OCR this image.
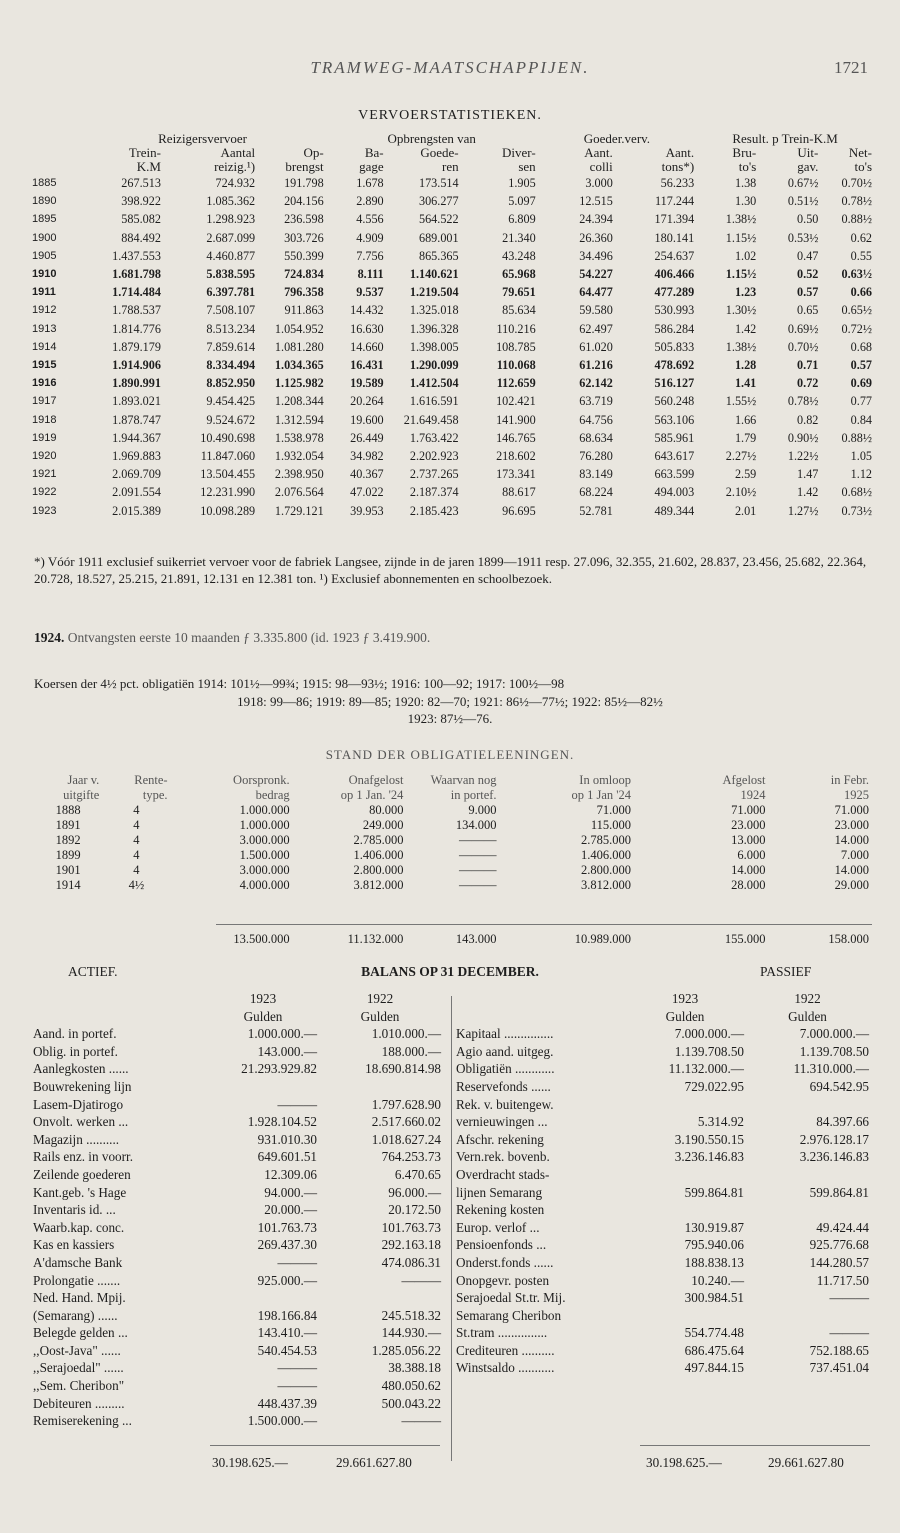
TRAMWEG-MAATSCHAPPIJEN.	1721
VERVOERSTATISTIEKEN.
	Reizigersvervoer			Opbrengsten van			Goeder.verv.		Result. p Trein-K.M		
	Trein-	Aantal	Op-	Ba-	Goede-	Diver-	Aant.	Aant.	Bru-	Uit-	Net-
	K.M	reizig.¹)	brengst	gage	ren	sen	colli	tons*)	to's	gav.	to's
1885	267.513	724.932	191.798	1.678	173.514	1.905	3.000	56.233	1.38	0.67½	0.70½
1890	398.922	1.085.362	204.156	2.890	306.277	5.097	12.515	117.244	1.30	0.51½	0.78½
1895	585.082	1.298.923	236.598	4.556	564.522	6.809	24.394	171.394	1.38½	0.50	0.88½
1900	884.492	2.687.099	303.726	4.909	689.001	21.340	26.360	180.141	1.15½	0.53½	0.62
1905	1.437.553	4.460.877	550.399	7.756	865.365	43.248	34.496	254.637	1.02	0.47	0.55
1910	1.681.798	5.838.595	724.834	8.111	1.140.621	65.968	54.227	406.466	1.15½	0.52	0.63½
1911	1.714.484	6.397.781	796.358	9.537	1.219.504	79.651	64.477	477.289	1.23	0.57	0.66
1912	1.788.537	7.508.107	911.863	14.432	1.325.018	85.634	59.580	530.993	1.30½	0.65	0.65½
1913	1.814.776	8.513.234	1.054.952	16.630	1.396.328	110.216	62.497	586.284	1.42	0.69½	0.72½
1914	1.879.179	7.859.614	1.081.280	14.660	1.398.005	108.785	61.020	505.833	1.38½	0.70½	0.68
1915	1.914.906	8.334.494	1.034.365	16.431	1.290.099	110.068	61.216	478.692	1.28	0.71	0.57
1916	1.890.991	8.852.950	1.125.982	19.589	1.412.504	112.659	62.142	516.127	1.41	0.72	0.69
1917	1.893.021	9.454.425	1.208.344	20.264	1.616.591	102.421	63.719	560.248	1.55½	0.78½	0.77
1918	1.878.747	9.524.672	1.312.594	19.600	21.649.458	141.900	64.756	563.106	1.66	0.82	0.84
1919	1.944.367	10.490.698	1.538.978	26.449	1.763.422	146.765	68.634	585.961	1.79	0.90½	0.88½
1920	1.969.883	11.847.060	1.932.054	34.982	2.202.923	218.602	76.280	643.617	2.27½	1.22½	1.05
1921	2.069.709	13.504.455	2.398.950	40.367	2.737.265	173.341	83.149	663.599	2.59	1.47	1.12
1922	2.091.554	12.231.990	2.076.564	47.022	2.187.374	88.617	68.224	494.003	2.10½	1.42	0.68½
1923	2.015.389	10.098.289	1.729.121	39.953	2.185.423	96.695	52.781	489.344	2.01	1.27½	0.73½
*) Vóór 1911 exclusief suikerriet vervoer voor de fabriek Langsee, zijnde in de jaren 1899—1911 resp. 27.096, 32.355, 21.602, 28.837, 23.456, 25.682, 22.364, 20.728, 18.527, 25.215, 21.891, 12.131 en 12.381 ton. ¹) Exclusief abonnementen en schoolbezoek.
1924. Ontvangsten eerste 10 maanden ƒ 3.335.800 (id. 1923 ƒ 3.419.900.
Koersen der 4½ pct. obligatiën 1914: 101½—99¾; 1915: 98—93½; 1916: 100—92; 1917: 100½—98
1918: 99—86; 1919: 89—85; 1920: 82—70; 1921: 86½—77½; 1922: 85½—82½
1923: 87½—76.
STAND DER OBLIGATIELEENINGEN.
Jaar v.	Rente-	Oorspronk.	Onafgelost	Waarvan nog	In omloop	Afgelost	in Febr.
uitgifte	type.	bedrag	op 1 Jan. '24	in portef.	op 1 Jan '24	1924	1925
1888	4	1.000.000	80.000	9.000	71.000	71.000	71.000
1891	4	1.000.000	249.000	134.000	115.000	23.000	23.000
1892	4	3.000.000	2.785.000	———	2.785.000	13.000	14.000
1899	4	1.500.000	1.406.000	———	1.406.000	6.000	7.000
1901	4	3.000.000	2.800.000	———	2.800.000	14.000	14.000
1914	4½	4.000.000	3.812.000	———	3.812.000	28.000	29.000
		13.500.000	11.132.000	143.000	10.989.000	155.000	158.000
ACTIEF.	BALANS OP 31 DECEMBER.	PASSIEF
	1923	1922
	Gulden	Gulden
Aand. in portef.	1.000.000.—	1.010.000.—
Oblig. in portef.	143.000.—	188.000.—
Aanlegkosten ......	21.293.929.82	18.690.814.98
Bouwrekening lijn		
Lasem-Djatirogo	———	1.797.628.90
Onvolt. werken ...	1.928.104.52	2.517.660.02
Magazijn ..........	931.010.30	1.018.627.24
Rails enz. in voorr.	649.601.51	764.253.73
Zeilende goederen	12.309.06	6.470.65
Kant.geb. 's Hage	94.000.—	96.000.—
Inventaris id. ...	20.000.—	20.172.50
Waarb.kap. conc.	101.763.73	101.763.73
Kas en kassiers	269.437.30	292.163.18
A'damsche Bank	———	474.086.31
Prolongatie .......	925.000.—	———
Ned. Hand. Mpij.		
(Semarang) ......	198.166.84	245.518.32
Belegde gelden ...	143.410.—	144.930.—
,,Oost-Java" ......	540.454.53	1.285.056.22
,,Serajoedal" ......	———	38.388.18
,,Sem. Cheribon"	———	480.050.62
Debiteuren .........	448.437.39	500.043.22
Remiserekening ...	1.500.000.—	———
	1923	1922
	Gulden	Gulden
Kapitaal ...............	7.000.000.—	7.000.000.—
Agio aand. uitgeg.	1.139.708.50	1.139.708.50
Obligatiën ............	11.132.000.—	11.310.000.—
Reservefonds ......	729.022.95	694.542.95
Rek. v. buitengew.		
vernieuwingen ...	5.314.92	84.397.66
Afschr. rekening	3.190.550.15	2.976.128.17
Vern.rek. bovenb.	3.236.146.83	3.236.146.83
Overdracht stads-		
lijnen Semarang	599.864.81	599.864.81
Rekening kosten		
Europ. verlof ...	130.919.87	49.424.44
Pensioenfonds ...	795.940.06	925.776.68
Onderst.fonds ......	188.838.13	144.280.57
Onopgevr. posten	10.240.—	11.717.50
Serajoedal St.tr. Mij.	300.984.51	———
Semarang Cheribon		
St.tram ...............	554.774.48	———
Crediteuren ..........	686.475.64	752.188.65
Winstsaldo ...........	497.844.15	737.451.04
30.198.625.—	29.661.627.80	30.198.625.—	29.661.627.80
